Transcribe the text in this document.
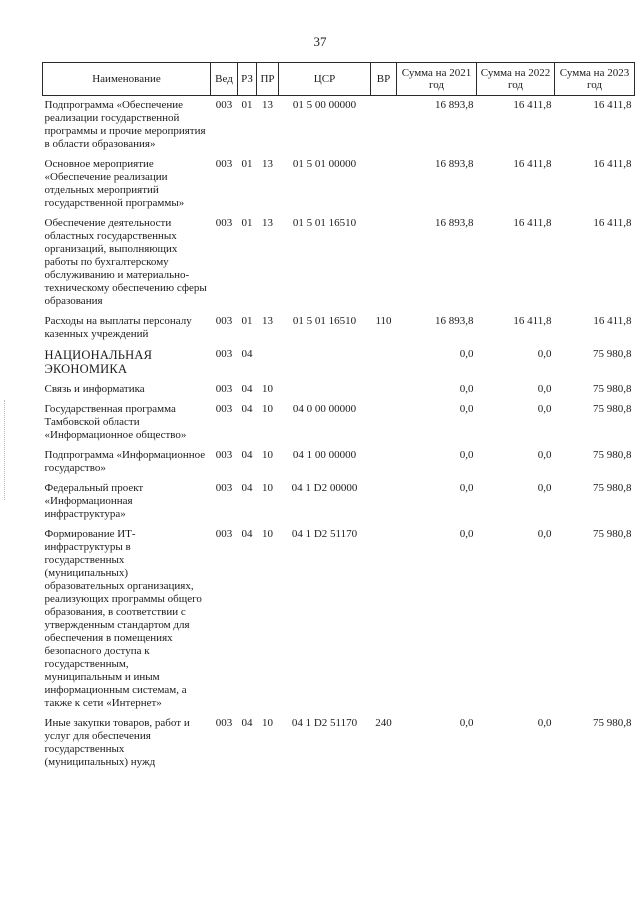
37
Наименование	Вед	РЗ	ПР	ЦСР	ВР	Сумма на 2021 год	Сумма на 2022 год	Сумма на 2023 год
Подпрограмма «Обеспечение реализации государственной программы и прочие мероприятия в области образования»	003	01	13	01 5 00 00000		16 893,8	16 411,8	16 411,8
Основное мероприятие «Обеспечение реализации отдельных мероприятий государственной программы»	003	01	13	01 5 01 00000		16 893,8	16 411,8	16 411,8
Обеспечение деятельности областных государственных организаций, выполняющих работы по бухгалтерскому обслуживанию и материально-техническому обеспечению сферы образования	003	01	13	01 5 01 16510		16 893,8	16 411,8	16 411,8
Расходы на выплаты персоналу казенных учреждений	003	01	13	01 5 01 16510	110	16 893,8	16 411,8	16 411,8
НАЦИОНАЛЬНАЯ ЭКОНОМИКА	003	04				0,0	0,0	75 980,8
Связь и информатика	003	04	10			0,0	0,0	75 980,8
Государственная программа Тамбовской области «Информационное общество»	003	04	10	04 0 00 00000		0,0	0,0	75 980,8
Подпрограмма «Информационное государство»	003	04	10	04 1 00 00000		0,0	0,0	75 980,8
Федеральный проект «Информационная инфраструктура»	003	04	10	04 1 D2 00000		0,0	0,0	75 980,8
Формирование ИТ-инфраструктуры в государственных (муниципальных) образовательных организациях, реализующих программы общего образования, в соответствии с утвержденным стандартом для обеспечения в помещениях безопасного доступа к государственным, муниципальным и иным информационным системам, а также к сети «Интернет»	003	04	10	04 1 D2 51170		0,0	0,0	75 980,8
Иные закупки товаров, работ и услуг для обеспечения государственных (муниципальных) нужд	003	04	10	04 1 D2 51170	240	0,0	0,0	75 980,8
